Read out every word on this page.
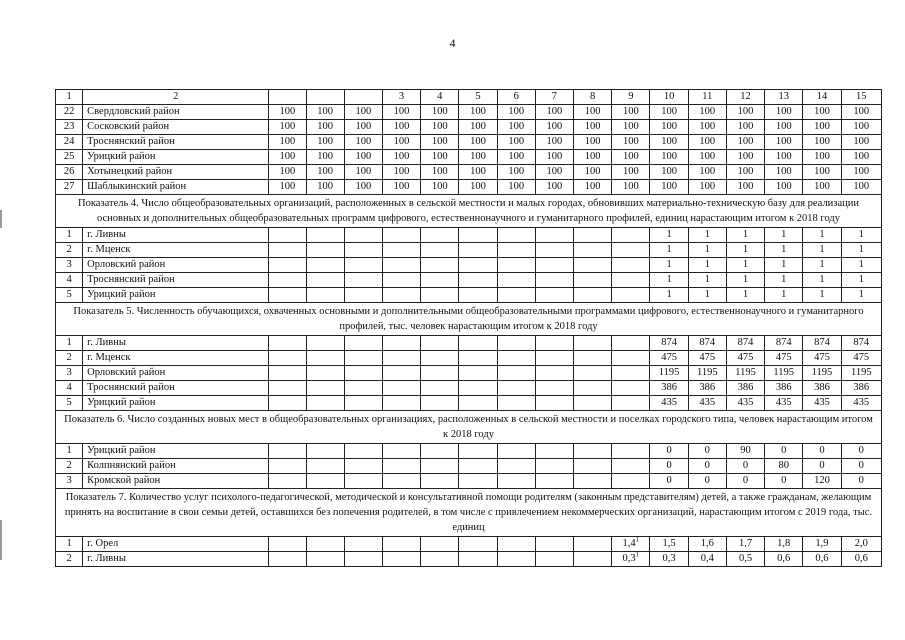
4
1	2				3	4	5	6	7	8	9	10	11	12	13	14	15
22	Свердловский район	100	100	100	100	100	100	100	100	100	100	100	100	100	100	100	100
23	Сосковский район	100	100	100	100	100	100	100	100	100	100	100	100	100	100	100	100
24	Троснянский район	100	100	100	100	100	100	100	100	100	100	100	100	100	100	100	100
25	Урицкий район	100	100	100	100	100	100	100	100	100	100	100	100	100	100	100	100
26	Хотынецкий район	100	100	100	100	100	100	100	100	100	100	100	100	100	100	100	100
27	Шаблыкинский район	100	100	100	100	100	100	100	100	100	100	100	100	100	100	100	100
Показатель 4. Число общеобразовательных организаций, расположенных в сельской местности и малых городах, обновивших материально-техническую базу для реализации основных и дополнительных общеобразовательных программ цифрового, естественнонаучного и гуманитарного профилей, единиц нарастающим итогом к 2018 году																	
1	г. Ливны											1	1	1	1	1	1
2	г. Мценск											1	1	1	1	1	1
3	Орловский район											1	1	1	1	1	1
4	Троснянский район											1	1	1	1	1	1
5	Урицкий район											1	1	1	1	1	1
Показатель 5. Численность обучающихся, охваченных основными и дополнительными общеобразовательными программами цифрового, естественнонаучного и гуманитарного профилей, тыс. человек нарастающим итогом к 2018 году																	
1	г. Ливны											874	874	874	874	874	874
2	г. Мценск											475	475	475	475	475	475
3	Орловский район											1195	1195	1195	1195	1195	1195
4	Троснянский район											386	386	386	386	386	386
5	Урицкий район											435	435	435	435	435	435
Показатель 6. Число созданных новых мест в общеобразовательных организациях, расположенных в сельской местности и поселках городского типа, человек нарастающим итогом к 2018 году																	
1	Урицкий район											0	0	90	0	0	0
2	Колпнянский район											0	0	0	80	0	0
3	Кромской район											0	0	0	0	120	0
Показатель 7. Количество услуг психолого-педагогической, методической и консультативной помощи родителям (законным представителям) детей, а также гражданам, желающим принять на воспитание в свои семьи детей, оставшихся без попечения родителей, в том числе с привлечением некоммерческих организаций, нарастающим итогом с 2019 года, тыс. единиц																	
1	г. Орел										$1,4^1$	1,5	1,6	1,7	1,8	1,9	2,0
2	г. Ливны										$0,3^1$	0,3	0,4	0,5	0,6	0,6	0,6
